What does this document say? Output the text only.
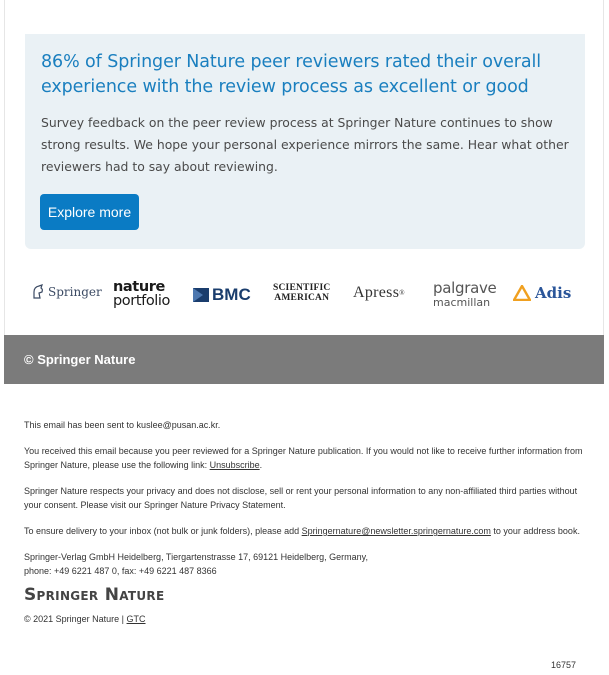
86% of Springer Nature peer reviewers rated their overall experience with the review process as excellent or good

Survey feedback on the peer review process at Springer Nature continues to show strong results. We hope your personal experience mirrors the same. Hear what other reviewers had to say about reviewing.

Explore more
Springer nature
portfolio BMC SCIENTIFIC
AMERICAN Apress ® palgrave
macmillan
Adis
© Springer Nature

This email has been sent to kuslee@pusan.ac.kr.

You received this email because you peer reviewed for a Springer Nature publication. If you would not like to receive further information from Springer Nature, please use the following link: Unsubscribe.

Springer Nature respects your privacy and does not disclose, sell or rent your personal information to any non-affiliated third parties without your consent. Please visit our Springer Nature Privacy Statement.

To ensure delivery to your inbox (not bulk or junk folders), please add Springernature@newsletter.springernature.com to your address book.

Springer-Verlag GmbH Heidelberg, Tiergartenstrasse 17, 69121 Heidelberg, Germany,
phone: +49 6221 487 0, fax: +49 6221 487 8366

Springer Nature

© 2021 Springer Nature | GTC

16757
